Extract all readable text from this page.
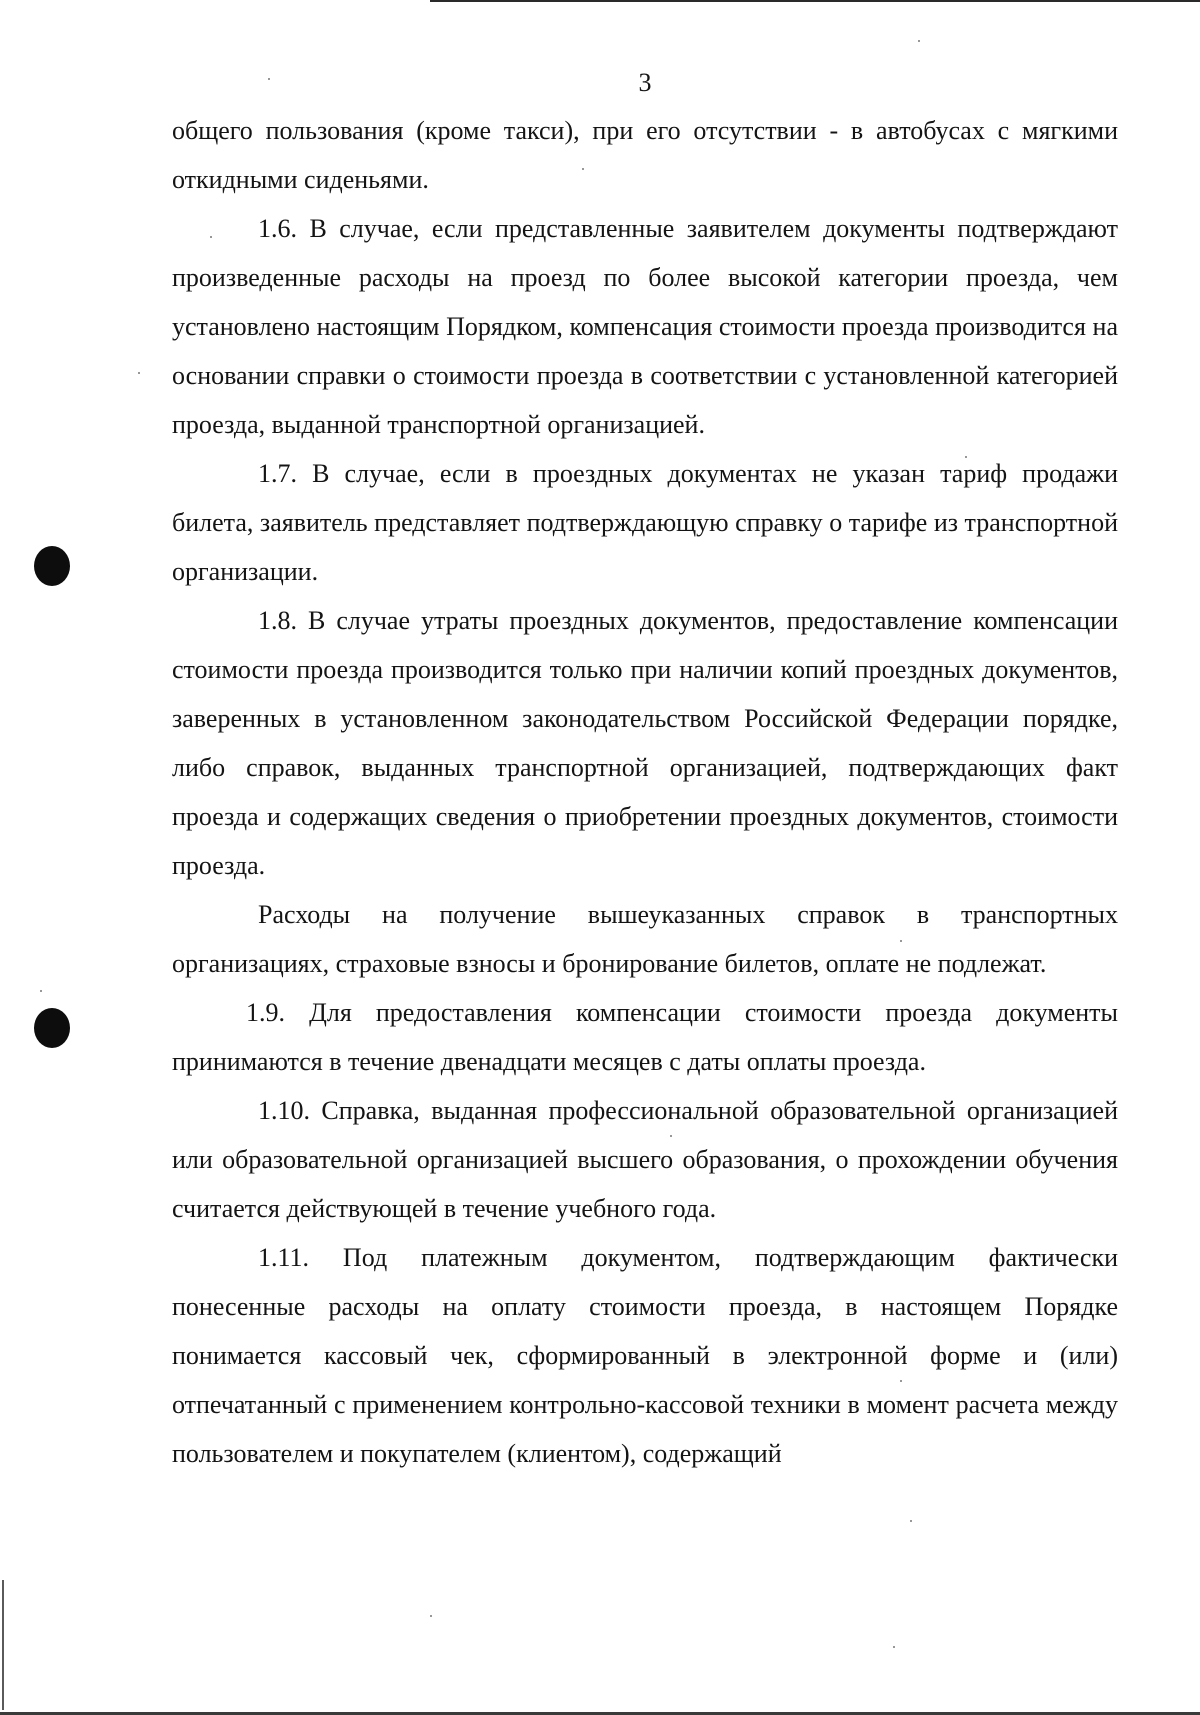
3

общего пользования (кроме такси), при его отсутствии - в автобусах с мягкими откидными сиденьями.

1.6. В случае, если представленные заявителем документы подтверждают произведенные расходы на проезд по более высокой категории проезда, чем установлено настоящим Порядком, компенсация стоимости проезда производится на основании справки о стоимости проезда в соответствии с установленной категорией проезда, выданной транспортной организацией.

1.7. В случае, если в проездных документах не указан тариф продажи билета, заявитель представляет подтверждающую справку о тарифе из транспортной организации.

1.8. В случае утраты проездных документов, предоставление компенсации стоимости проезда производится только при наличии копий проездных документов, заверенных в установленном законодательством Российской Федерации порядке, либо справок, выданных транспортной организацией, подтверждающих факт проезда и содержащих сведения о приобретении проездных документов, стоимости проезда.

Расходы на получение вышеуказанных справок в транспортных организациях, страховые взносы и бронирование билетов, оплате не подлежат.

1.9. Для предоставления компенсации стоимости проезда документы принимаются в течение двенадцати месяцев с даты оплаты проезда.

1.10. Справка, выданная профессиональной образовательной организацией или образовательной организацией высшего образования, о прохождении обучения считается действующей в течение учебного года.

1.11. Под платежным документом, подтверждающим фактически понесенные расходы на оплату стоимости проезда, в настоящем Порядке понимается кассовый чек, сформированный в электронной форме и (или) отпечатанный с применением контрольно-кассовой техники в момент расчета между пользователем и покупателем (клиентом), содержащий
